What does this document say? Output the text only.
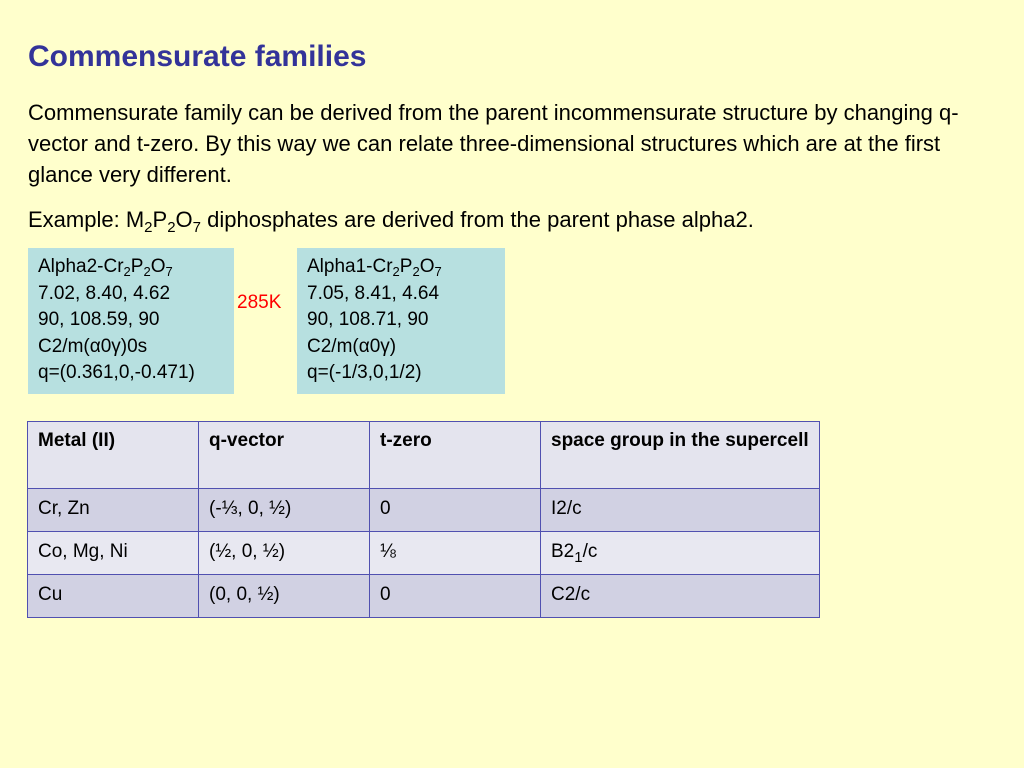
Commensurate families

Commensurate family can be derived from the parent incommensurate structure by changing q-vector and t-zero. By this way we can relate three-dimensional structures which are at the first glance very different.

Example: $M_2P_2O_7$ diphosphates are derived from the parent phase alpha2.

$Alpha2-Cr_2P_2O_7$
7.02, 8.40, 4.62
90, 108.59, 90
C2/m(α0γ)0s
q=(0.361,0,-0.471)

285K

$Alpha1-Cr_2P_2O_7$
7.05, 8.41, 4.64
90, 108.71, 90
C2/m(α0γ)
q=(-1/3,0,1/2)
Metal (II)	q-vector	t-zero	space group in the supercell
Cr, Zn	(-⅓, 0, ½)	0	I2/c
Co, Mg, Ni	(½, 0, ½)	⅛	$B2_1/c$
Cu	(0, 0, ½)	0	C2/c
